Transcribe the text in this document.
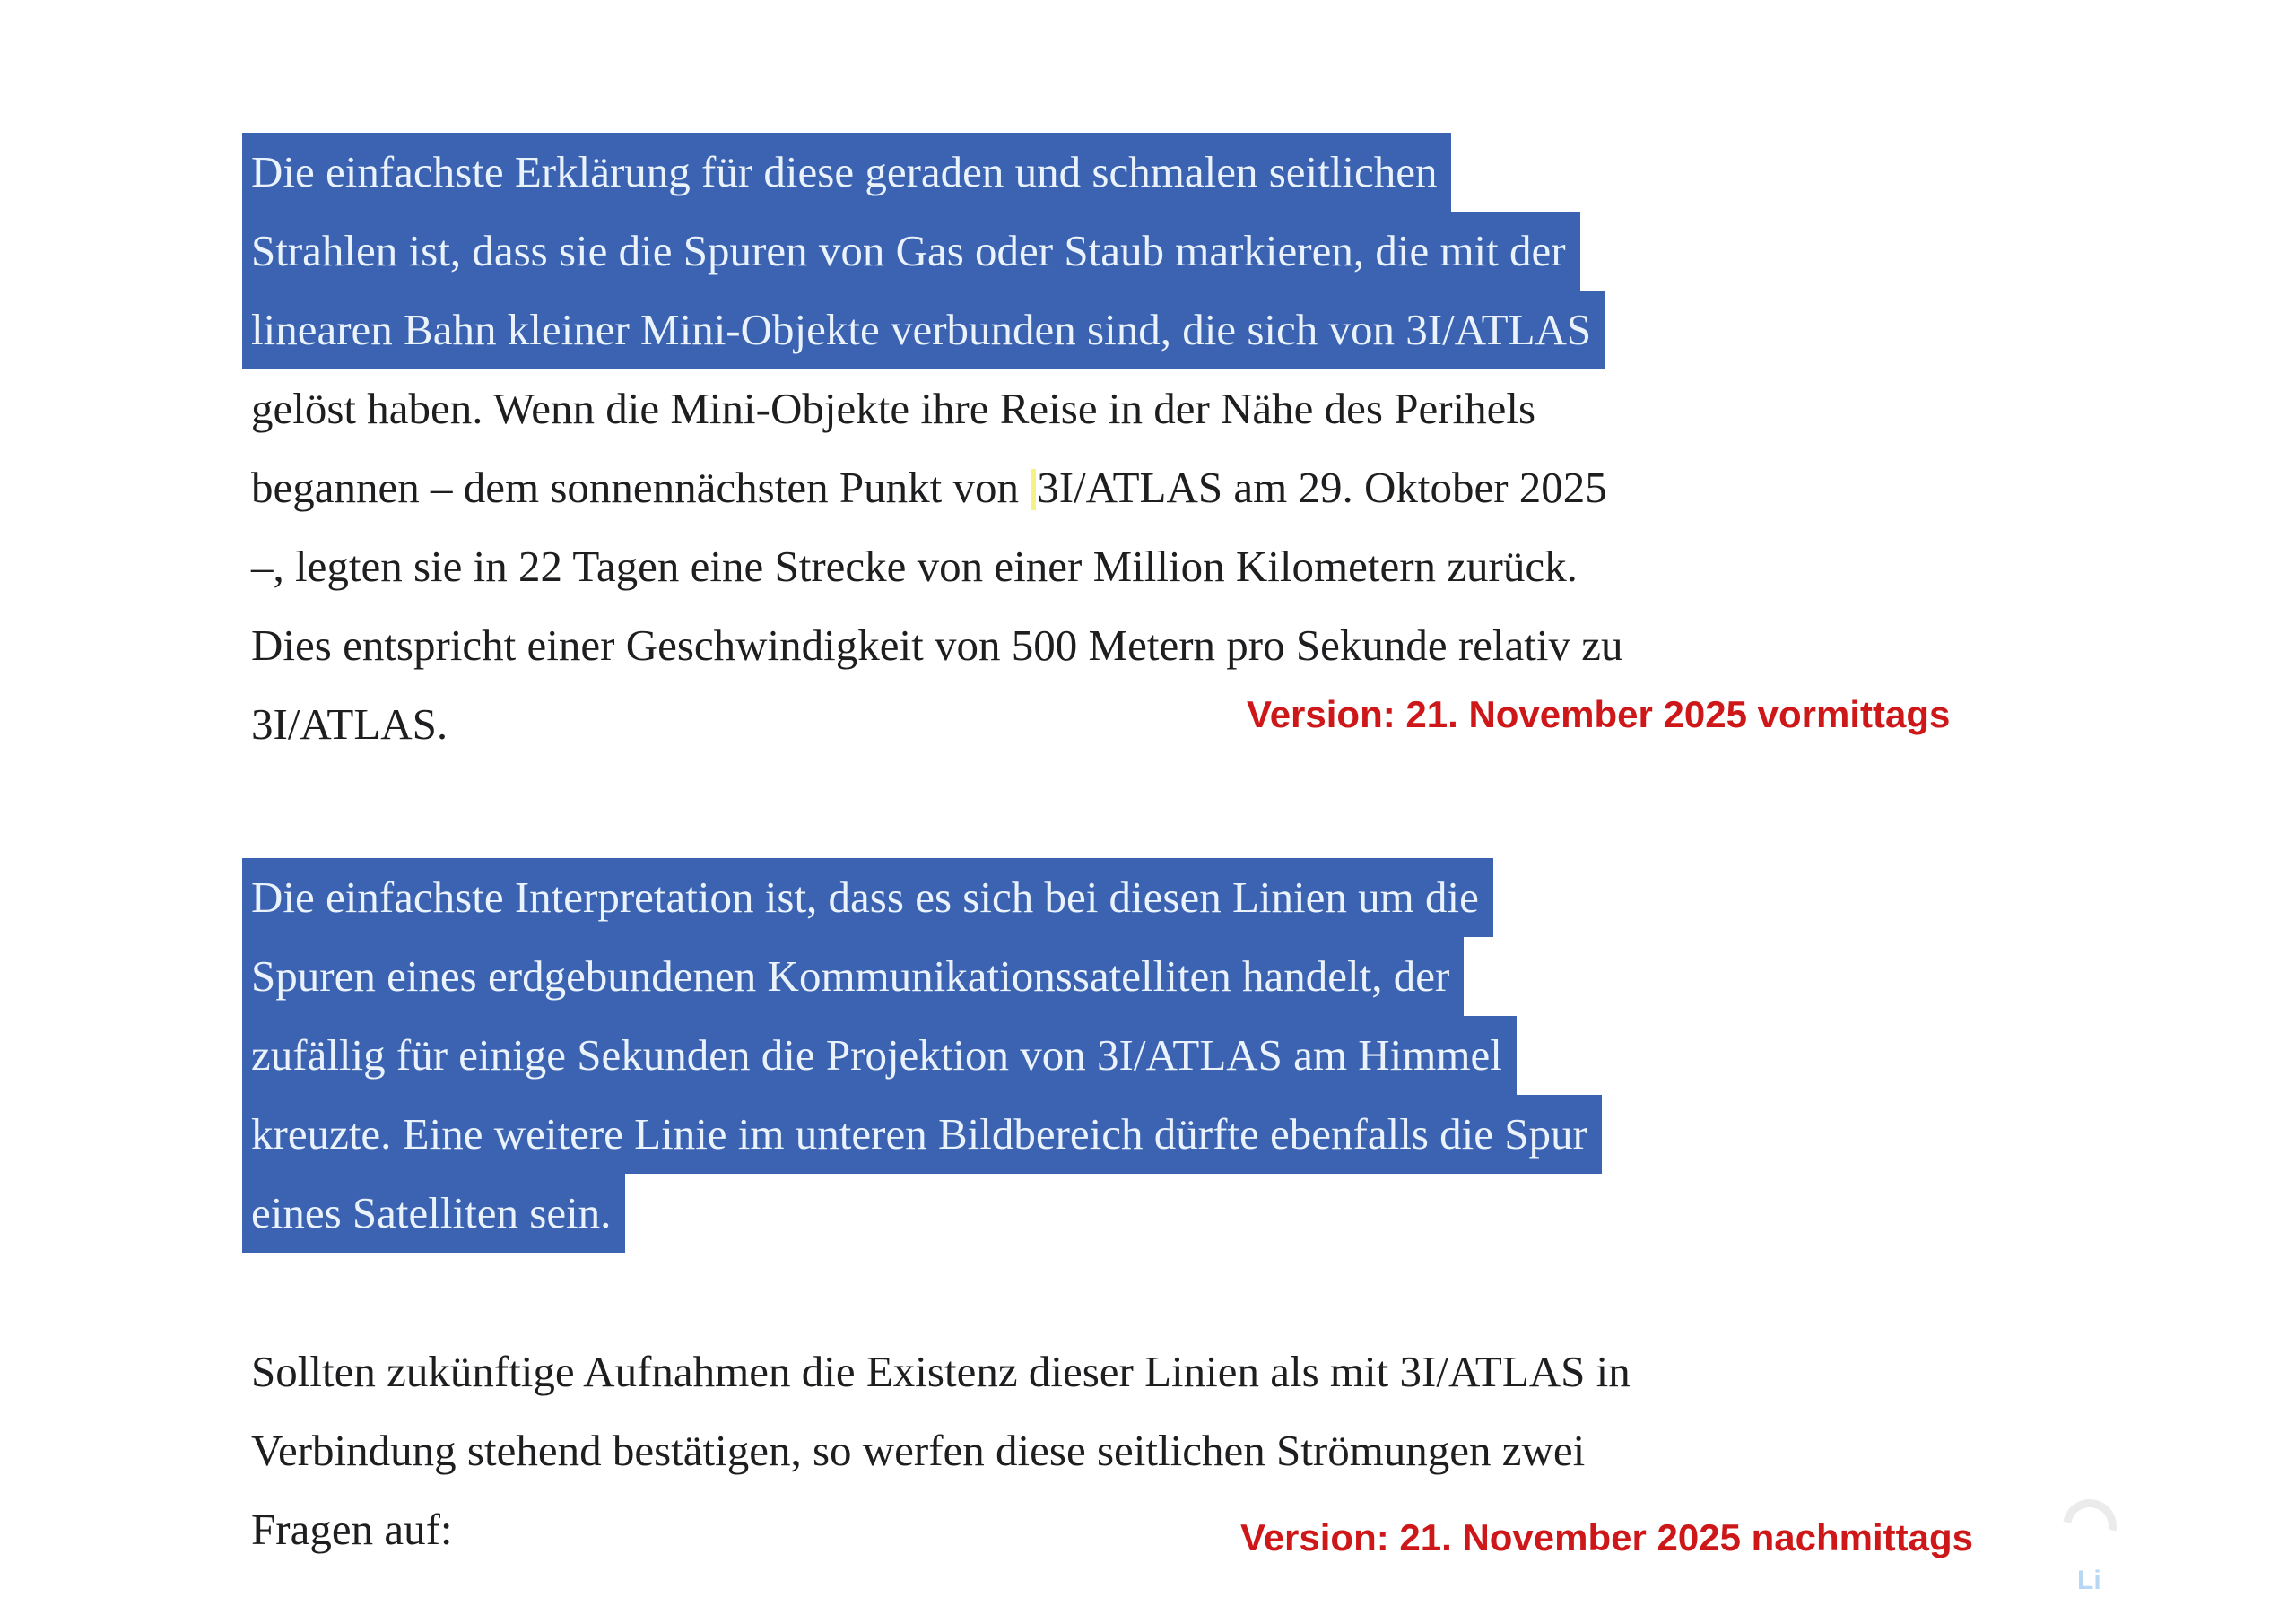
Die einfachste Erklärung für diese geraden und schmalen seitlichen
Strahlen ist, dass sie die Spuren von Gas oder Staub markieren, die mit der
linearen Bahn kleiner Mini-Objekte verbunden sind, die sich von 3I/ATLAS
gelöst haben. Wenn die Mini-Objekte ihre Reise in der Nähe des Perihels
begannen – dem sonnennächsten Punkt von 3I/ATLAS am 29. Oktober 2025
–, legten sie in 22 Tagen eine Strecke von einer Million Kilometern zurück.
Dies entspricht einer Geschwindigkeit von 500 Metern pro Sekunde relativ zu
3I/ATLAS.
Die einfachste Interpretation ist, dass es sich bei diesen Linien um die
Spuren eines erdgebundenen Kommunikationssatelliten handelt, der
zufällig für einige Sekunden die Projektion von 3I/ATLAS am Himmel
kreuzte. Eine weitere Linie im unteren Bildbereich dürfte ebenfalls die Spur
eines Satelliten sein.
Sollten zukünftige Aufnahmen die Existenz dieser Linien als mit 3I/ATLAS in
Verbindung stehend bestätigen, so werfen diese seitlichen Strömungen zwei
Fragen auf:
Version: 21. November 2025 vormittags
Version: 21. November 2025 nachmittags
Li
